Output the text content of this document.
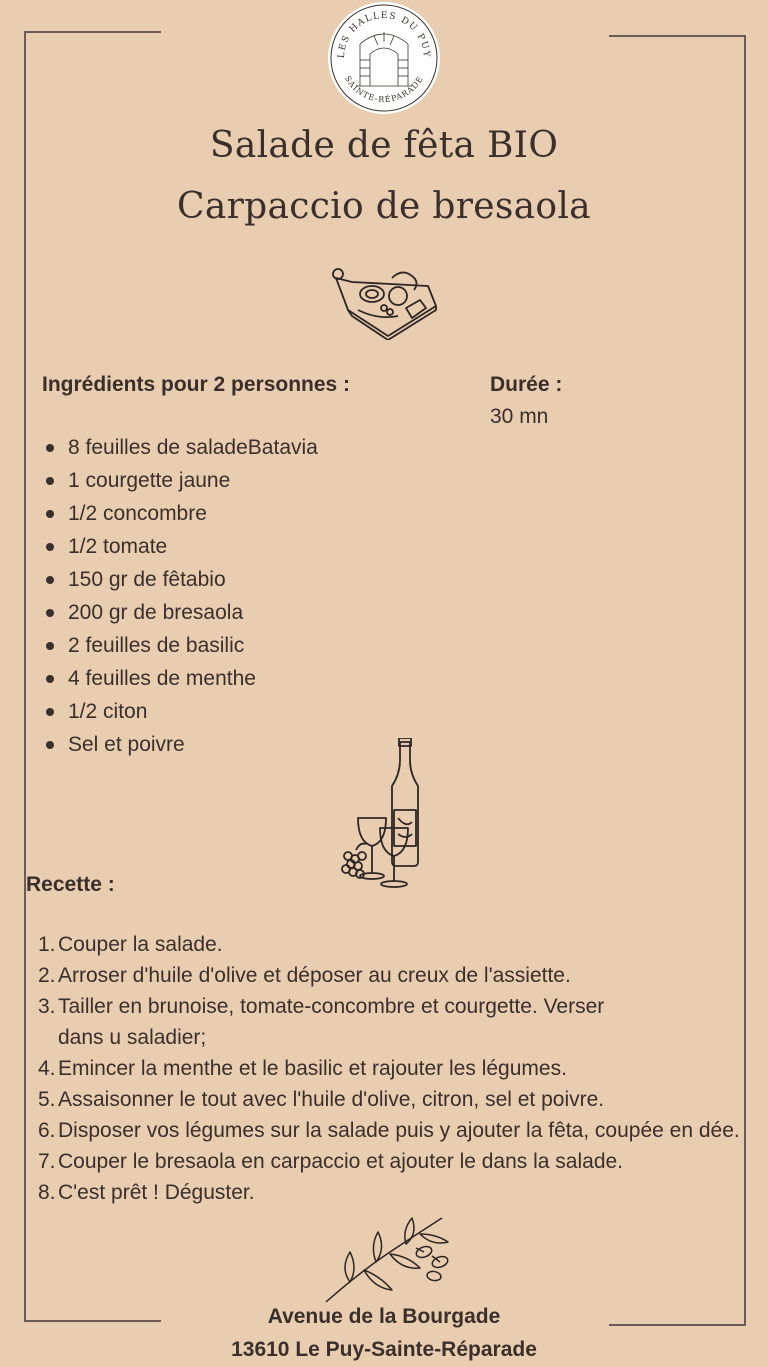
LES HALLES DU PUY
SAINTE-RÉPARADE
Salade de fêta BIO
Carpaccio de bresaola
Ingrédients pour 2 personnes :	Durée :
30 mn
8 feuilles de saladeBatavia
1 courgette jaune
1/2 concombre
1/2 tomate
150 gr de fêtabio
200 gr de bresaola
2 feuilles de basilic
4 feuilles de menthe
1/2 citon
Sel et poivre
Recette :
1. Couper la salade.
2. Arroser d'huile d'olive et déposer au creux de l'assiette.
3. Tailler en brunoise, tomate-concombre et courgette. Verser dans u saladier;
4. Emincer la menthe et le basilic et rajouter les légumes.
5. Assaisonner le tout avec l'huile d'olive, citron, sel et poivre.
6. Disposer vos légumes sur la salade puis y ajouter la fêta, coupée en dée.
7. Couper le bresaola en carpaccio et ajouter le dans la salade.
8. C'est prêt ! Déguster.
Avenue de la Bourgade
13610 Le Puy-Sainte-Réparade
